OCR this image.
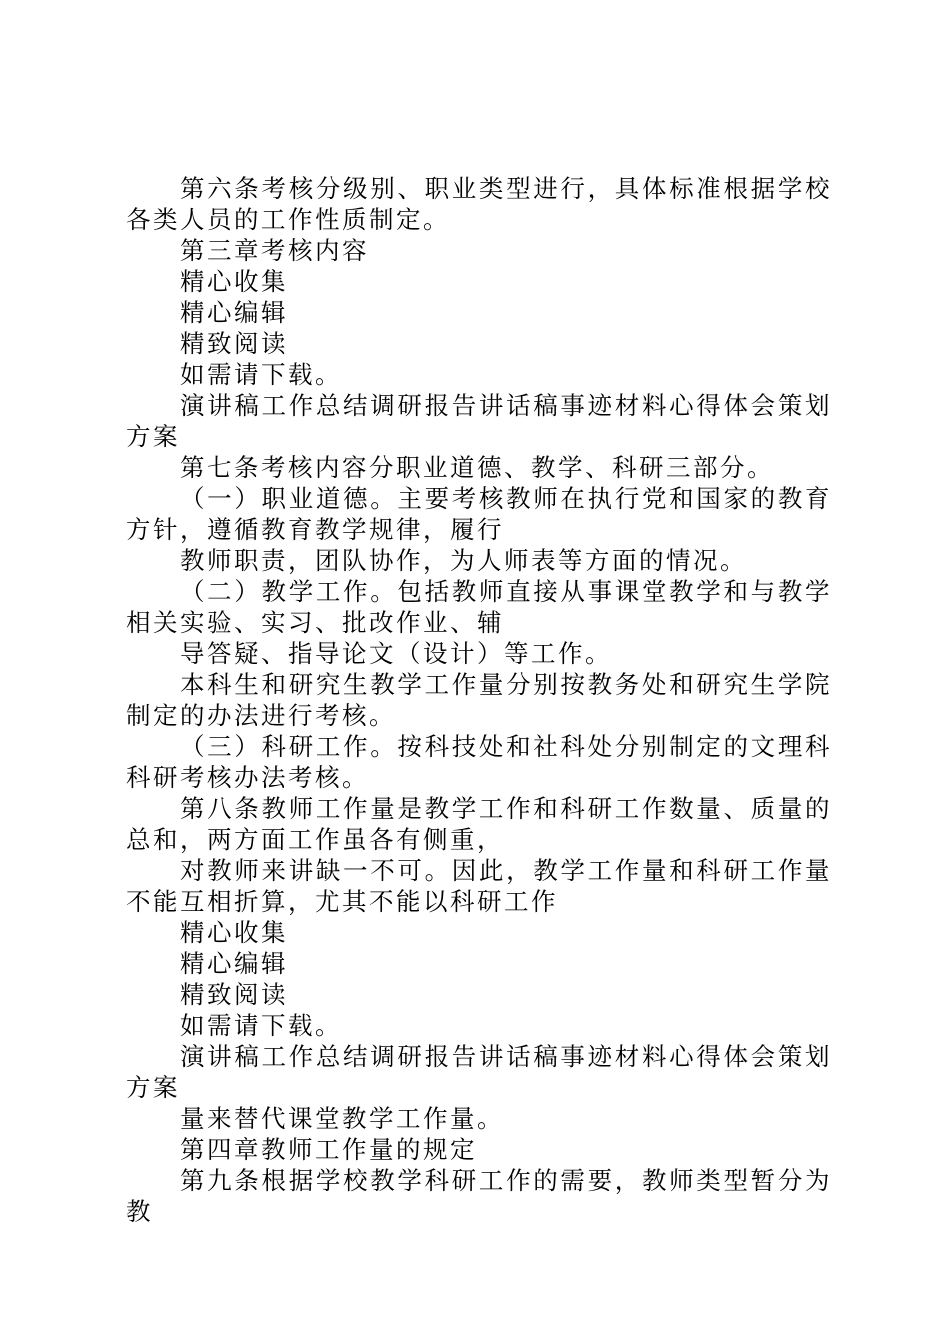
第六条考核分级别、职业类型进行，具体标准根据学校各类人员的工作性质制定。

第三章考核内容

精心收集

精心编辑

精致阅读

如需请下载。

演讲稿工作总结调研报告讲话稿事迹材料心得体会策划方案

第七条考核内容分职业道德、教学、科研三部分。

（一）职业道德。主要考核教师在执行党和国家的教育方针，遵循教育教学规律，履行

教师职责，团队协作，为人师表等方面的情况。

（二）教学工作。包括教师直接从事课堂教学和与教学相关实验、实习、批改作业、辅

导答疑、指导论文（设计）等工作。

本科生和研究生教学工作量分别按教务处和研究生学院制定的办法进行考核。

（三）科研工作。按科技处和社科处分别制定的文理科科研考核办法考核。

第八条教师工作量是教学工作和科研工作数量、质量的总和，两方面工作虽各有侧重，

对教师来讲缺一不可。因此，教学工作量和科研工作量不能互相折算，尤其不能以科研工作

精心收集

精心编辑

精致阅读

如需请下载。

演讲稿工作总结调研报告讲话稿事迹材料心得体会策划方案

量来替代课堂教学工作量。

第四章教师工作量的规定

第九条根据学校教学科研工作的需要，教师类型暂分为教
